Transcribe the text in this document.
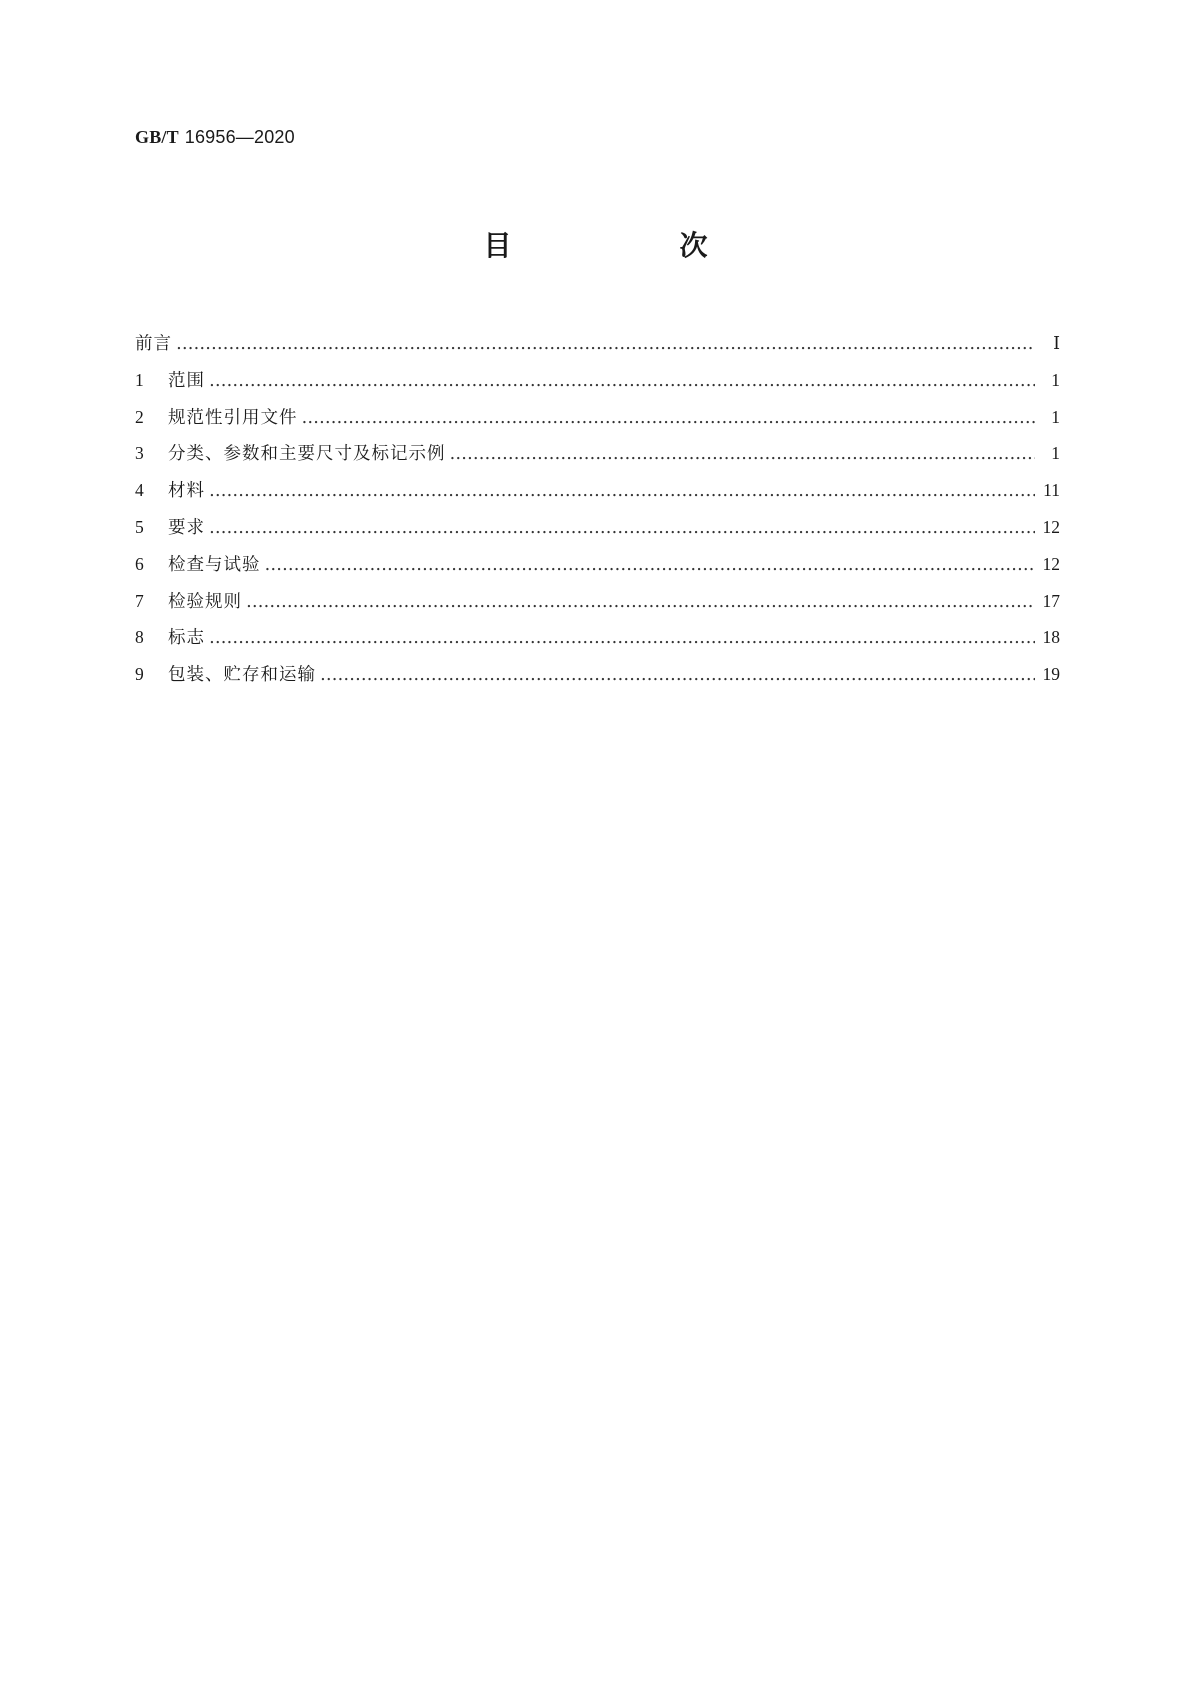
GB/T 16956—2020
目　次
前言 …………………………………………………………………………………………………………………………………………………………………………………………	Ⅰ
1	范围 …………………………………………………………………………………………………………………………………………………………………………………………	1
2	规范性引用文件 …………………………………………………………………………………………………………………………………………………………………………………………	1
3	分类、参数和主要尺寸及标记示例 …………………………………………………………………………………………………………………………………………………………………………………………	1
4	材料 …………………………………………………………………………………………………………………………………………………………………………………………	11
5	要求 …………………………………………………………………………………………………………………………………………………………………………………………	12
6	检查与试验 …………………………………………………………………………………………………………………………………………………………………………………………	12
7	检验规则 …………………………………………………………………………………………………………………………………………………………………………………………	17
8	标志 …………………………………………………………………………………………………………………………………………………………………………………………	18
9	包装、贮存和运输 …………………………………………………………………………………………………………………………………………………………………………………………	19
